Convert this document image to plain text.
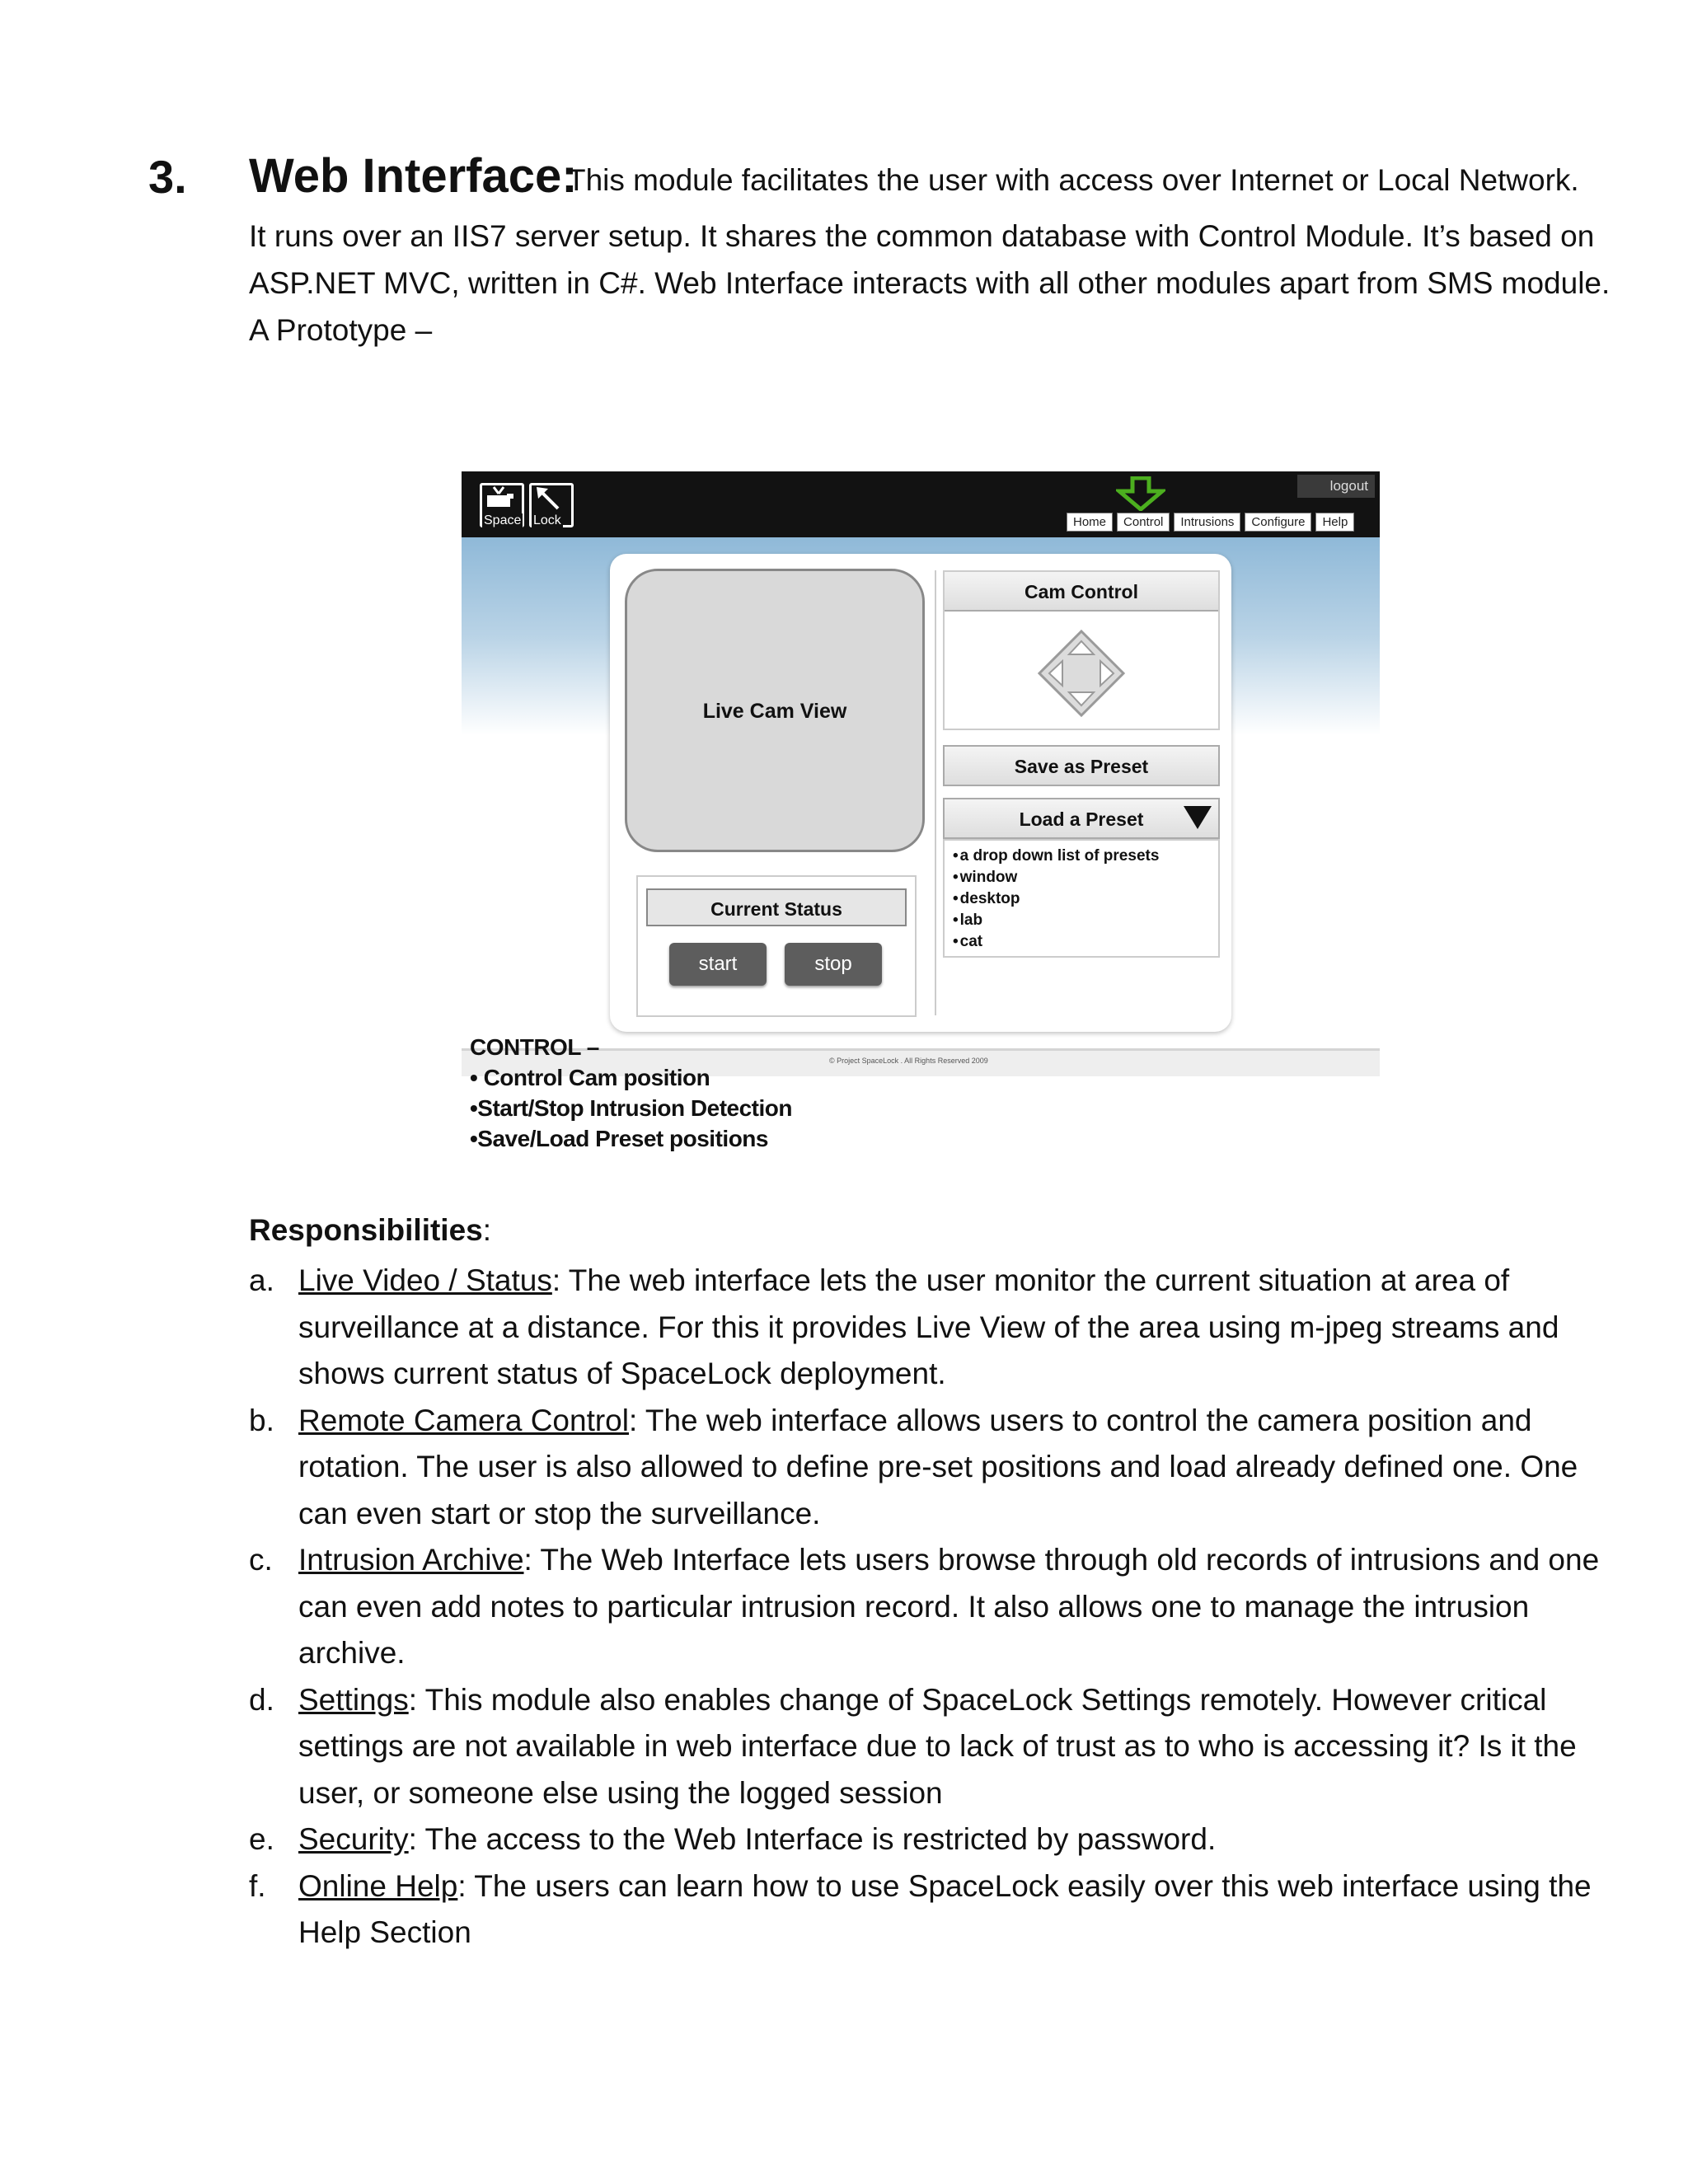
3. Web Interface:
This module facilitates the user with access over Internet or Local Network.

It runs over an IIS7 server setup. It shares the common database with Control Module. It’s based on ASP.NET MVC, written in C#. Web Interface interacts with all other modules apart from SMS module.

A Prototype –

Space Lock
logout
Home	Control	Intrusions	Configure	Help
Live Cam View
Current Status
start	stop
Cam Control
Save as Preset
Load a Preset
• a drop down list of presets
• window
• desktop
• lab
• cat
© Project SpaceLock . All Rights Reserved 2009
CONTROL –
• Control Cam position
•Start/Stop Intrusion Detection
•Save/Load Preset positions
Responsibilities:
a. Live Video / Status: The web interface lets the user monitor the current situation at area of surveillance at a distance. For this it provides Live View of the area using m-jpeg streams and shows current status of SpaceLock deployment.
b. Remote Camera Control: The web interface allows users to control the camera position and rotation. The user is also allowed to define pre-set positions and load already defined one. One can even start or stop the surveillance.
c. Intrusion Archive: The Web Interface lets users browse through old records of intrusions and one can even add notes to particular intrusion record. It also allows one to manage the intrusion archive.
d. Settings: This module also enables change of SpaceLock Settings remotely. However critical settings are not available in web interface due to lack of trust as to who is accessing it? Is it the user, or someone else using the logged session
e. Security: The access to the Web Interface is restricted by password.
f. Online Help: The users can learn how to use SpaceLock easily over this web interface using the Help Section
